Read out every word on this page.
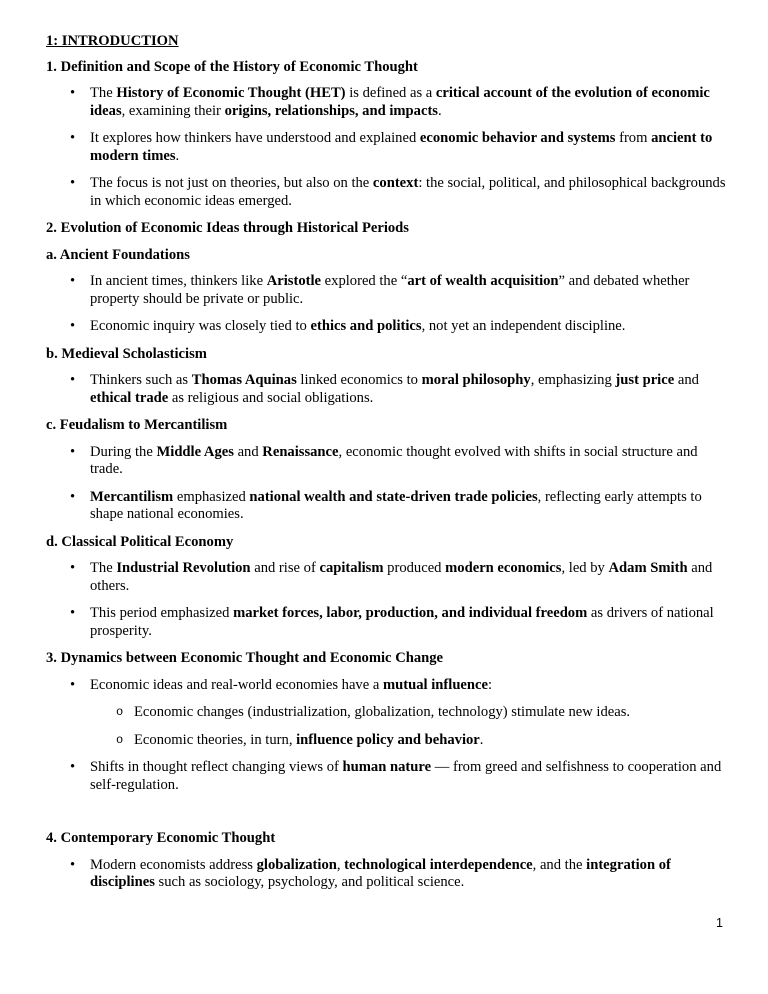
1: INTRODUCTION
1. Definition and Scope of the History of Economic Thought
• The History of Economic Thought (HET) is defined as a critical account of the evolution of economic ideas, examining their origins, relationships, and impacts.
• It explores how thinkers have understood and explained economic behavior and systems from ancient to modern times.
• The focus is not just on theories, but also on the context: the social, political, and philosophical backgrounds in which economic ideas emerged.
2. Evolution of Economic Ideas through Historical Periods
a. Ancient Foundations
• In ancient times, thinkers like Aristotle explored the “art of wealth acquisition” and debated whether property should be private or public.
• Economic inquiry was closely tied to ethics and politics, not yet an independent discipline.
b. Medieval Scholasticism
• Thinkers such as Thomas Aquinas linked economics to moral philosophy, emphasizing just price and ethical trade as religious and social obligations.
c. Feudalism to Mercantilism
• During the Middle Ages and Renaissance, economic thought evolved with shifts in social structure and trade.
• Mercantilism emphasized national wealth and state-driven trade policies, reflecting early attempts to shape national economies.
d. Classical Political Economy
• The Industrial Revolution and rise of capitalism produced modern economics, led by Adam Smith and others.
• This period emphasized market forces, labor, production, and individual freedom as drivers of national prosperity.
3. Dynamics between Economic Thought and Economic Change
• Economic ideas and real-world economies have a mutual influence:
o Economic changes (industrialization, globalization, technology) stimulate new ideas.
o Economic theories, in turn, influence policy and behavior.
• Shifts in thought reflect changing views of human nature — from greed and selfishness to cooperation and self-regulation.
4. Contemporary Economic Thought
• Modern economists address globalization, technological interdependence, and the integration of disciplines such as sociology, psychology, and political science.
1
